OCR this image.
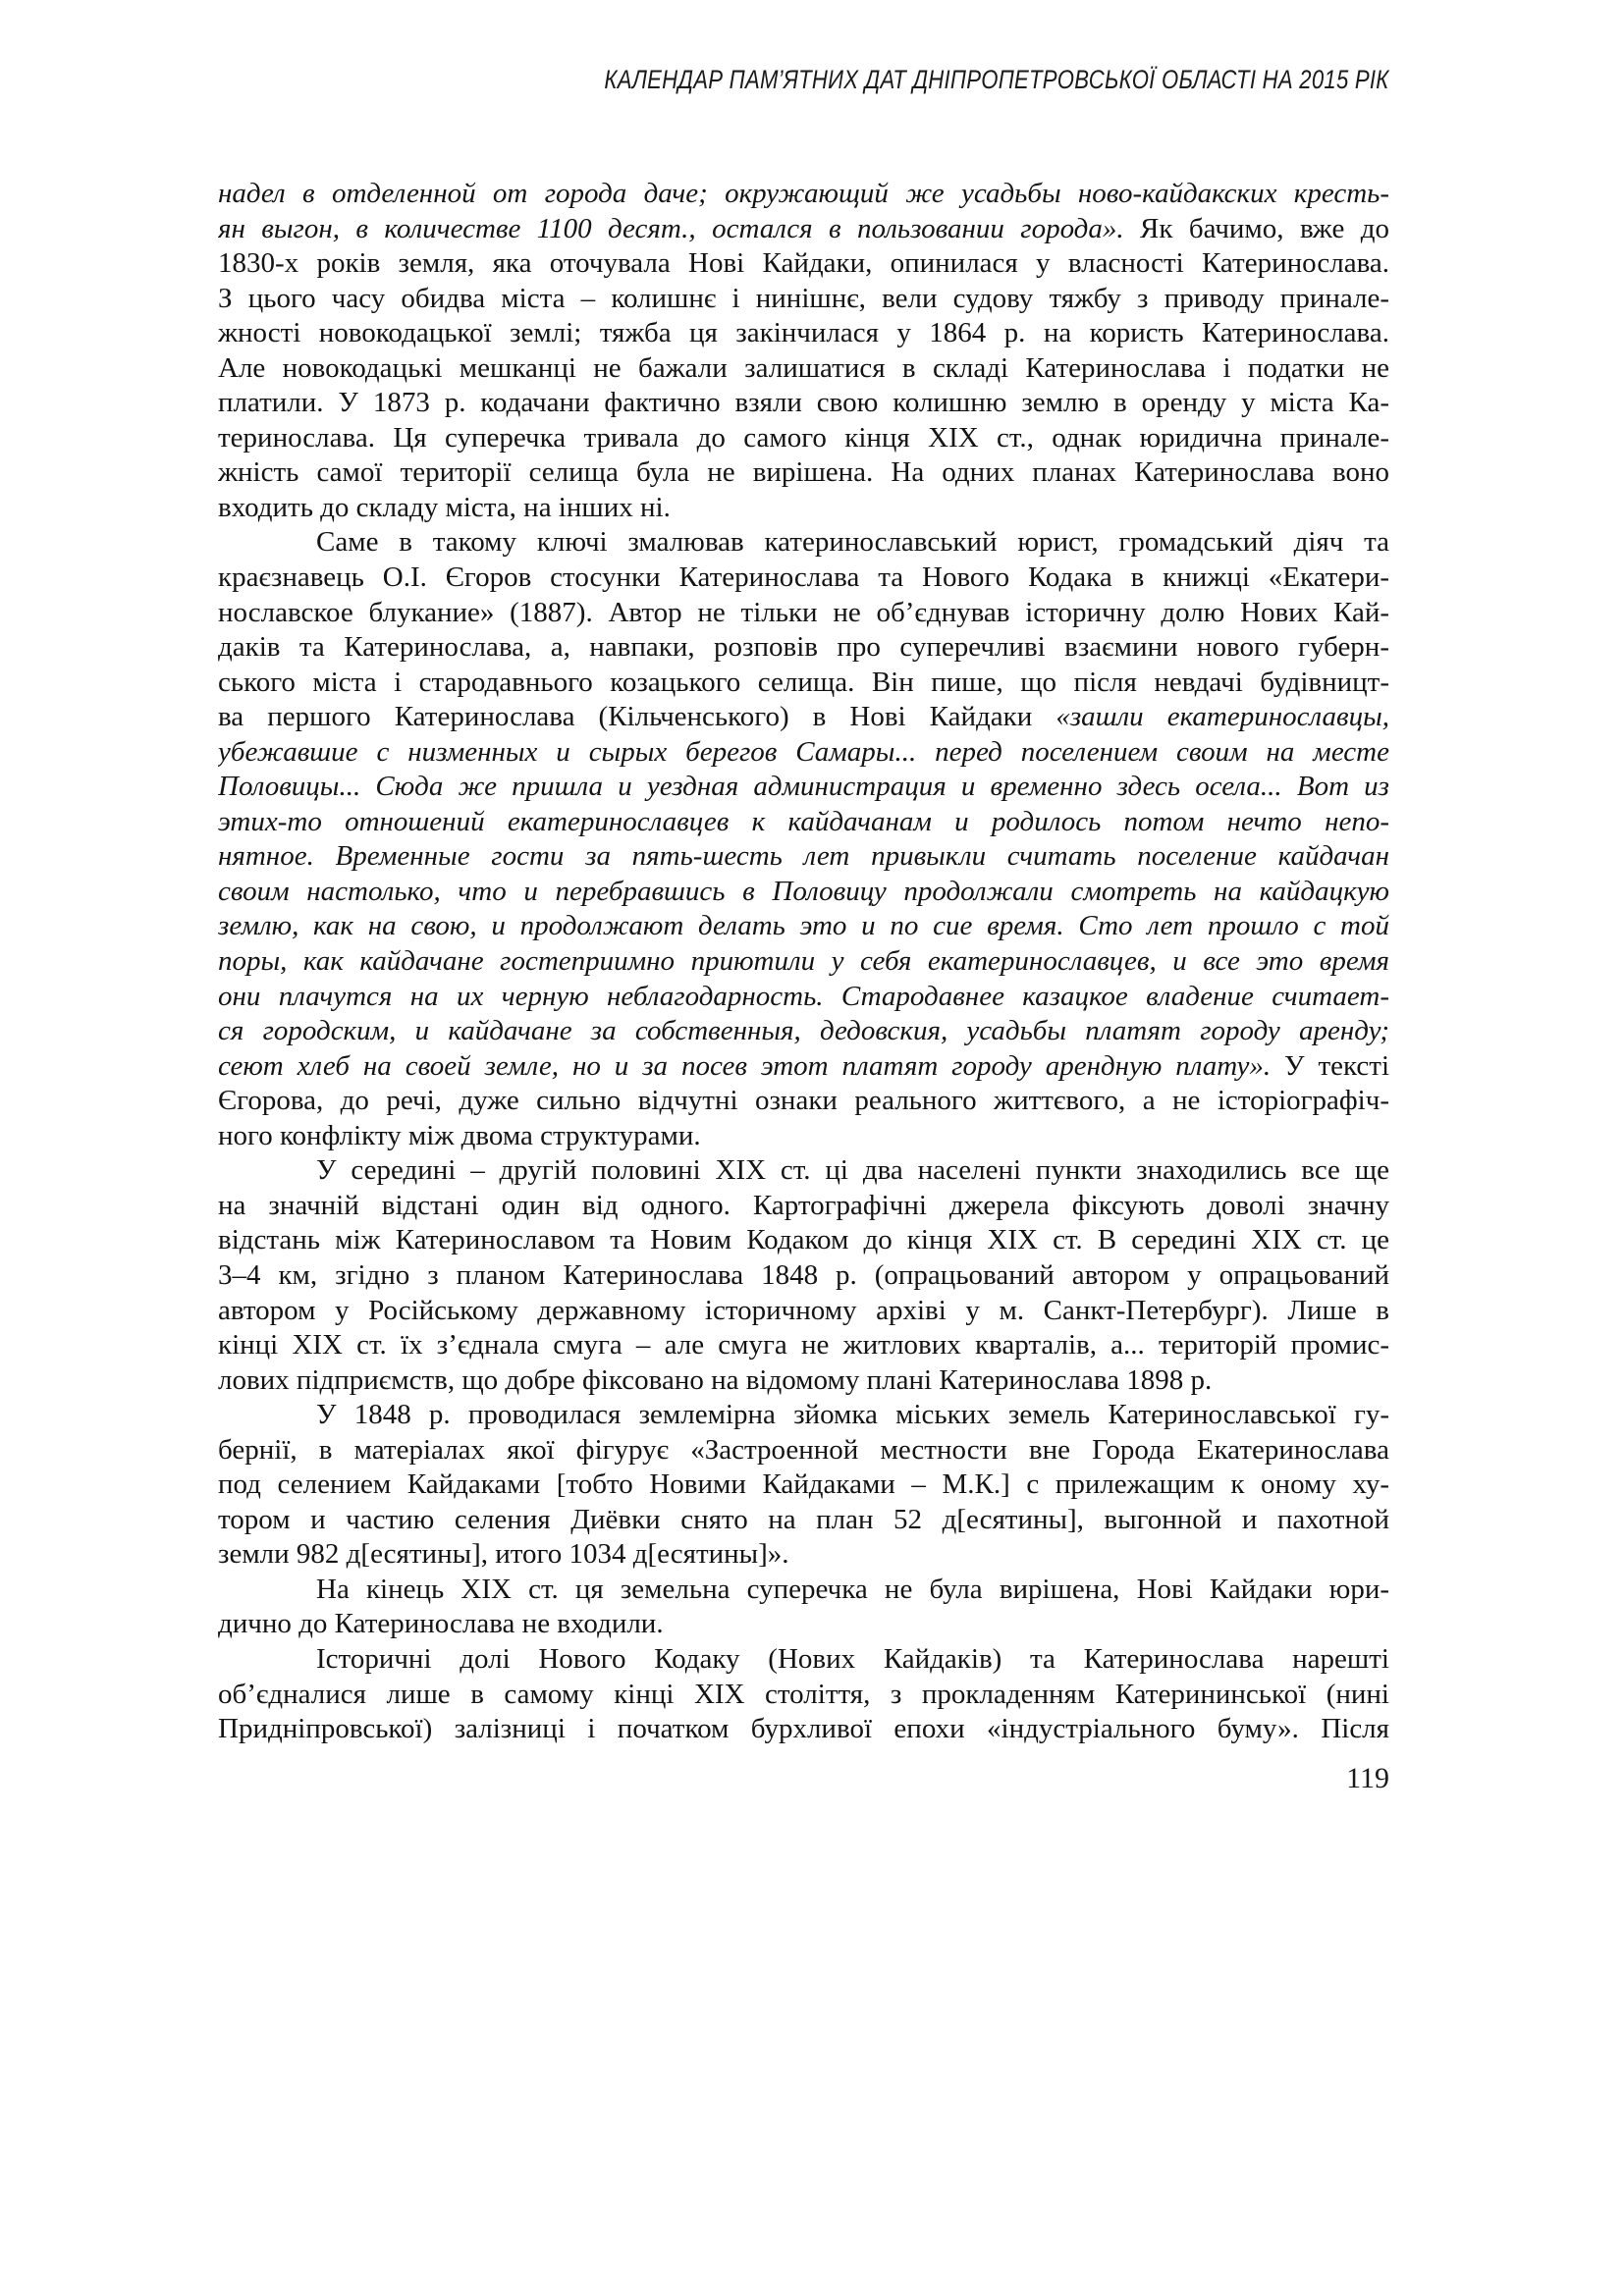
КАЛЕНДАР ПАМ’ЯТНИХ ДАТ ДНІПРОПЕТРОВСЬКОЇ ОБЛАСТІ НА 2015 РІК
надел в отделенной от города даче; окружающий же усадьбы ново-кайдакских кресть-
ян выгон, в количестве 1100 десят., остался в пользовании города». Як бачимо, вже до
1830-х років земля, яка оточувала Нові Кайдаки, опинилася у власності Катеринослава.
З цього часу обидва міста – колишнє і нинішнє, вели судову тяжбу з приводу принале-
жності новокодацької землі; тяжба ця закінчилася у 1864 р. на користь Катеринослава.
Але новокодацькі мешканці не бажали залишатися в складі Катеринослава і податки не
платили. У 1873 р. кодачани фактично взяли свою колишню землю в оренду у міста Ка-
теринослава. Ця суперечка тривала до самого кінця XIX ст., однак юридична принале-
жність самої території селища була не вирішена. На одних планах Катеринослава воно
входить до складу міста, на інших ні.
Саме в такому ключі змалював катеринославський юрист, громадський діяч та
краєзнавець О.І. Єгоров стосунки Катеринослава та Нового Кодака в книжці «Екатери-
нославское блукание» (1887). Автор не тільки не об’єднував історичну долю Нових Кай-
даків та Катеринослава, а, навпаки, розповів про суперечливі взаємини нового губерн-
ського міста і стародавнього козацького селища. Він пише, що після невдачі будівницт-
ва першого Катеринослава (Кільченського) в Нові Кайдаки «зашли екатеринославцы,
убежавшие с низменных и сырых берегов Самары... перед поселением своим на месте
Половицы... Сюда же пришла и уездная администрация и временно здесь осела... Вот из
этих-то отношений екатеринославцев к кайдачанам и родилось потом нечто непо-
нятное. Временные гости за пять-шесть лет привыкли считать поселение кайдачан
своим настолько, что и перебравшись в Половицу продолжали смотреть на кайдацкую
землю, как на свою, и продолжают делать это и по сие время. Сто лет прошло с той
поры, как кайдачане гостеприимно приютили у себя екатеринославцев, и все это время
они плачутся на их черную неблагодарность. Стародавнее казацкое владение считает-
ся городским, и кайдачане за собственныя, дедовския, усадьбы платят городу аренду;
сеют хлеб на своей земле, но и за посев этот платят городу арендную плату». У тексті
Єгорова, до речі, дуже сильно відчутні ознаки реального життєвого, а не історіографіч-
ного конфлікту між двома структурами.
У середині – другій половині XIX ст. ці два населені пункти знаходились все ще
на значній відстані один від одного. Картографічні джерела фіксують доволі значну
відстань між Катеринославом та Новим Кодаком до кінця XIX ст. В середині XIX ст. це
3–4 км, згідно з планом Катеринослава 1848 р. (опрацьований автором у опрацьований
автором у Російському державному історичному архіві у м. Санкт-Петербург). Лише в
кінці XIX ст. їх з’єднала смуга – але смуга не житлових кварталів, а... територій промис-
лових підприємств, що добре фіксовано на відомому плані Катеринослава 1898 р.
У 1848 р. проводилася землемірна зйомка міських земель Катеринославської гу-
бернії, в матеріалах якої фігурує «Застроенной местности вне Города Екатеринослава
под селением Кайдаками [тобто Новими Кайдаками – М.К.] с прилежащим к оному ху-
тором и частию селения Диёвки снято на план 52 д[есятины], выгонной и пахотной
земли 982 д[есятины], итого 1034 д[есятины]».
На кінець XIX ст. ця земельна суперечка не була вирішена, Нові Кайдаки юри-
дично до Катеринослава не входили.
Історичні долі Нового Кодаку (Нових Кайдаків) та Катеринослава нарешті
об’єдналися лише в самому кінці XIX століття, з прокладенням Катерининської (нині
Придніпровської) залізниці і початком бурхливої епохи «індустріального буму». Після
119
